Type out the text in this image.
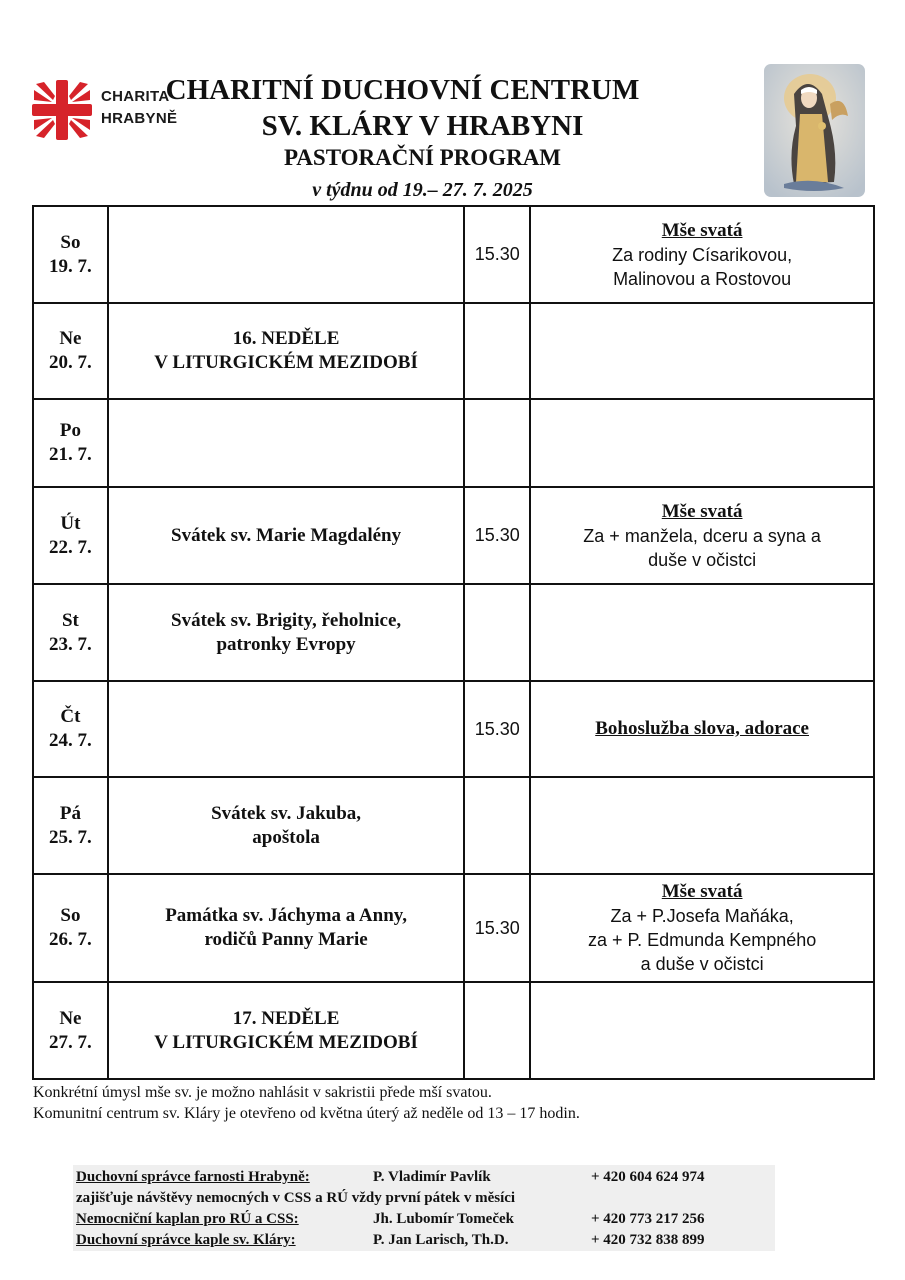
CHARITA
HRABYNĚ
CHARITNÍ DUCHOVNÍ CENTRUM
SV. KLÁRY V HRABYNI
PASTORAČNÍ PROGRAM
v týdnu od 19.– 27. 7. 2025
So
19. 7.		15.30	Mše svatá
Za rodiny Císarikovou,
Malinovou a Rostovou

Ne
20. 7.	16. NEDĚLE
V LITURGICKÉM MEZIDOBÍ		

Po
21. 7.			

Út
22. 7.	Svátek sv. Marie Magdalény	15.30	Mše svatá
Za + manžela, dceru a syna a
duše v očistci

St
23. 7.	Svátek sv. Brigity, řeholnice,
patronky Evropy		

Čt
24. 7.		15.30	Bohoslužba slova, adorace

Pá
25. 7.	Svátek sv. Jakuba,
apoštola		

So
26. 7.	Památka sv. Jáchyma a Anny,
rodičů Panny Marie	15.30	Mše svatá
Za + P.Josefa Maňáka,
za + P. Edmunda Kempného
a duše v očistci

Ne
27. 7.	17. NEDĚLE
V LITURGICKÉM MEZIDOBÍ		

Konkrétní úmysl mše sv. je možno nahlásit v sakristii přede mší svatou.
Komunitní centrum sv. Kláry je otevřeno od května úterý až neděle od 13 – 17 hodin.
Duchovní správce farnosti Hrabyně:	P. Vladimír Pavlík	+ 420 604 624 974
zajišťuje návštěvy nemocných v CSS a RÚ vždy první pátek v měsíci
Nemocniční kaplan pro RÚ a CSS:	Jh. Lubomír Tomeček	+ 420 773 217 256
Duchovní správce kaple sv. Kláry:	P. Jan Larisch, Th.D.	+ 420 732 838 899
